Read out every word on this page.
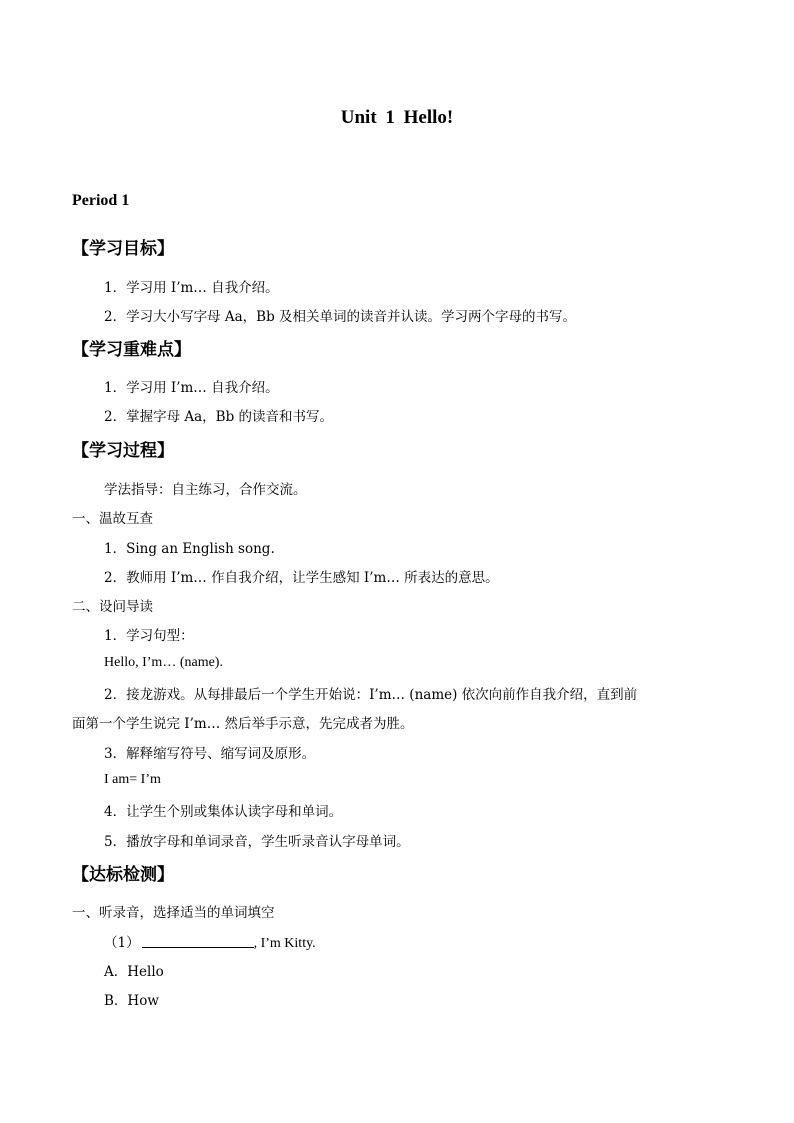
Unit 1 Hello!
Period 1
【学习目标】
1．学习用 I’m… 自我介绍。
2．学习大小写字母 Aa，Bb 及相关单词的读音并认读。学习两个字母的书写。
【学习重难点】
1．学习用 I’m… 自我介绍。
2．掌握字母 Aa，Bb 的读音和书写。
【学习过程】
学法指导：自主练习，合作交流。
一、温故互查
1．Sing an English song.
2．教师用 I’m… 作自我介绍，让学生感知 I’m… 所表达的意思。
二、设问导读
1．学习句型：
Hello, I’m… (name).
2．接龙游戏。从每排最后一个学生开始说：I’m… (name) 依次向前作自我介绍，直到前
面第一个学生说完 I’m… 然后举手示意，先完成者为胜。
3．解释缩写符号、缩写词及原形。
I am= I’m
4．让学生个别或集体认读字母和单词。
5．播放字母和单词录音，学生听录音认字母单词。
【达标检测】
一、听录音，选择适当的单词填空
（1）	, I’m Kitty.
A．Hello
B．How
